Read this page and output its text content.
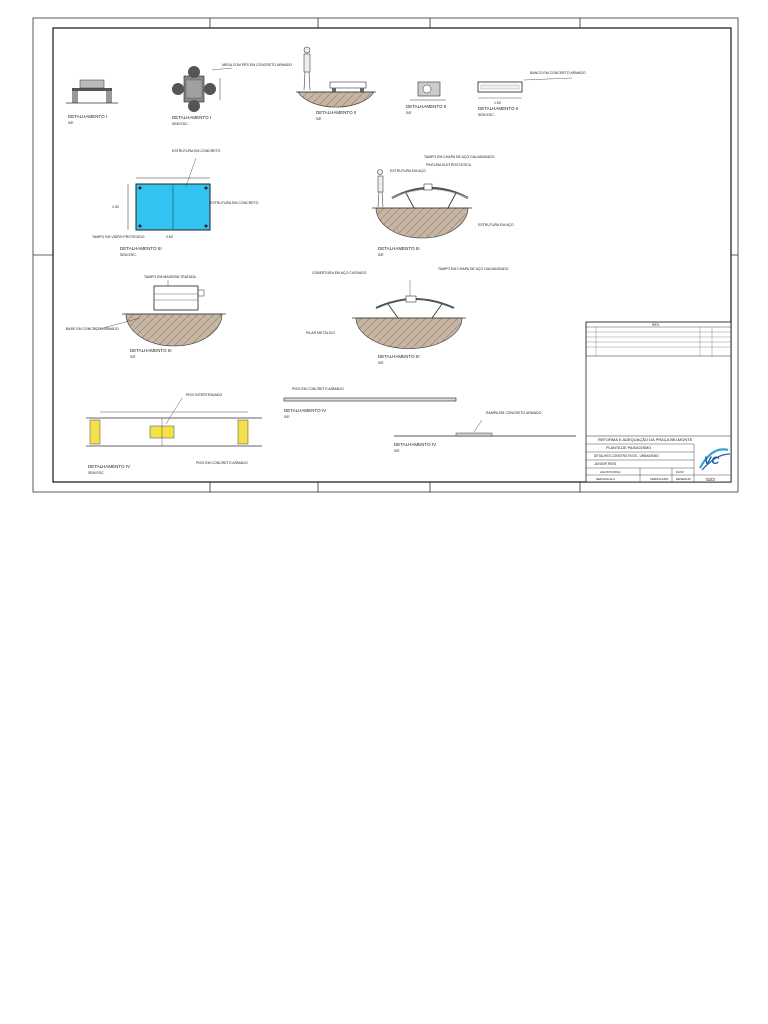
DETALHAMENTO I
S/E
MESA COM PÉS EM CONCRETO ARMADO
DETALHAMENTO I
SEM ESC.
DETALHAMENTO II
S/E
DETALHAMENTO II
S/E
1.50
BANCO EM CONCRETO ARMADO
DETALHAMENTO II
SEM ESC.
1.00
0.60
ESTRUTURA EM CONCRETO
ESTRUTURA EM CONCRETO
TAMPO EM VIDRO PROTEGIDO
DETALHAMENTO III
SEM ESC.
TAMPO EM CHAPA DE AÇO GALVANIZADO
PINTURA ELETROSTÁTICA
ESTRUTURA EM AÇO
ESTRUTURA EM AÇO
DETALHAMENTO III
S/E
TAMPO EM MADEIRA TRATADA
BASE EM CONCRETO ARMADO
DETALHAMENTO III
S/E
COBERTURA EM AÇO CURVADO
TAMPO EM CHAPA DE AÇO GALVANIZADO
PILAR METÁLICO
DETALHAMENTO III
S/E
PISO INTERTRAVADO
PISO EM CONCRETO ARMADO
DETALHAMENTO IV
SEM ESC.
PISO EM CONCRETO ARMADO
DETALHAMENTO IV
S/E
RAMPA EM CONCRETO ARMADO
DETALHAMENTO IV
S/E
REV.
REFORMA E ADEQUAÇÃO DA PRAÇA BELMONTE
PLANTA DE PAISAGISMO
DETALHES CONSTRUTIVOS - URBANISMO
JUNIOR REIS
AGOSTO/2019	01/03
SEM ESCALA	VERIFICADO	DESENHO	02/3
VC
